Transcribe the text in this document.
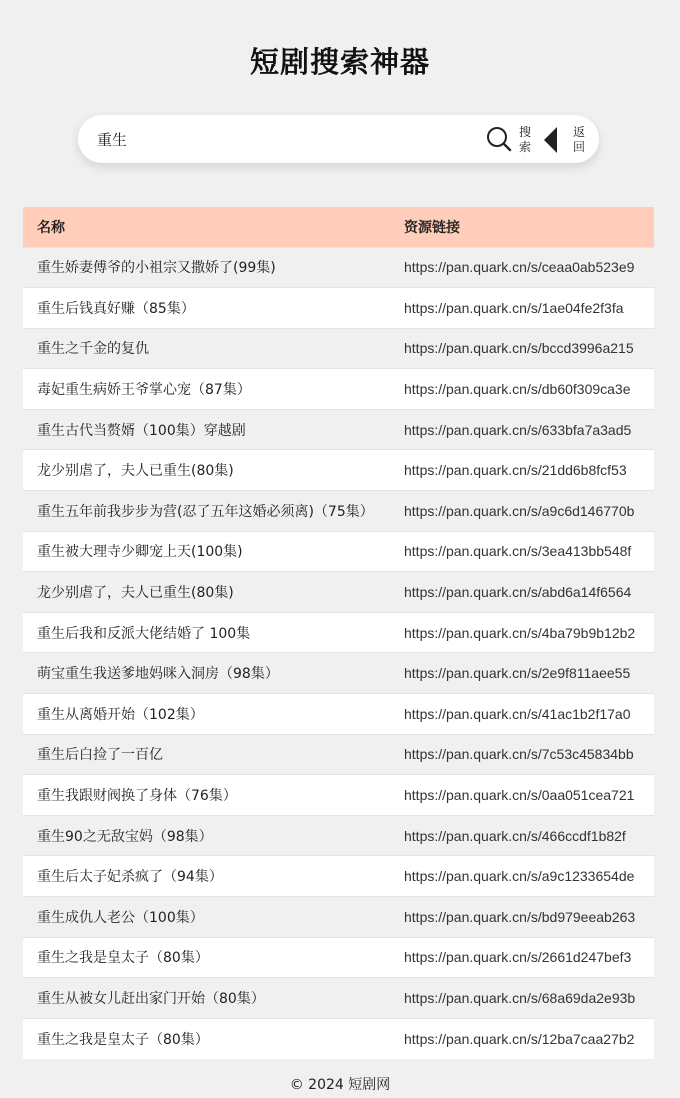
短剧搜索神器
重生
搜索
返回
名称	资源链接
重生娇妻傅爷的小祖宗又撒娇了(99集)	https://pan.quark.cn/s/ceaa0ab523e9
重生后钱真好赚（85集）	https://pan.quark.cn/s/1ae04fe2f3fa
重生之千金的复仇	https://pan.quark.cn/s/bccd3996a215
毒妃重生病娇王爷掌心宠（87集）	https://pan.quark.cn/s/db60f309ca3e
重生古代当赘婿（100集）穿越剧	https://pan.quark.cn/s/633bfa7a3ad5
龙少别虐了，夫人已重生(80集)	https://pan.quark.cn/s/21dd6b8fcf53
重生五年前我步步为营(忍了五年这婚必须离)（75集）	https://pan.quark.cn/s/a9c6d146770b
重生被大理寺少卿宠上天(100集)	https://pan.quark.cn/s/3ea413bb548f
龙少别虐了，夫人已重生(80集)	https://pan.quark.cn/s/abd6a14f6564
重生后我和反派大佬结婚了 100集	https://pan.quark.cn/s/4ba79b9b12b2
萌宝重生我送爹地妈咪入洞房（98集）	https://pan.quark.cn/s/2e9f811aee55
重生从离婚开始（102集）	https://pan.quark.cn/s/41ac1b2f17a0
重生后白捡了一百亿	https://pan.quark.cn/s/7c53c45834bb
重生我跟财阀换了身体（76集）	https://pan.quark.cn/s/0aa051cea721
重生90之无敌宝妈（98集）	https://pan.quark.cn/s/466ccdf1b82f
重生后太子妃杀疯了（94集）	https://pan.quark.cn/s/a9c1233654de
重生成仇人老公（100集）	https://pan.quark.cn/s/bd979eeab263
重生之我是皇太子（80集）	https://pan.quark.cn/s/2661d247bef3
重生从被女儿赶出家门开始（80集）	https://pan.quark.cn/s/68a69da2e93b
重生之我是皇太子（80集）	https://pan.quark.cn/s/12ba7caa27b2
© 2024 短剧网
